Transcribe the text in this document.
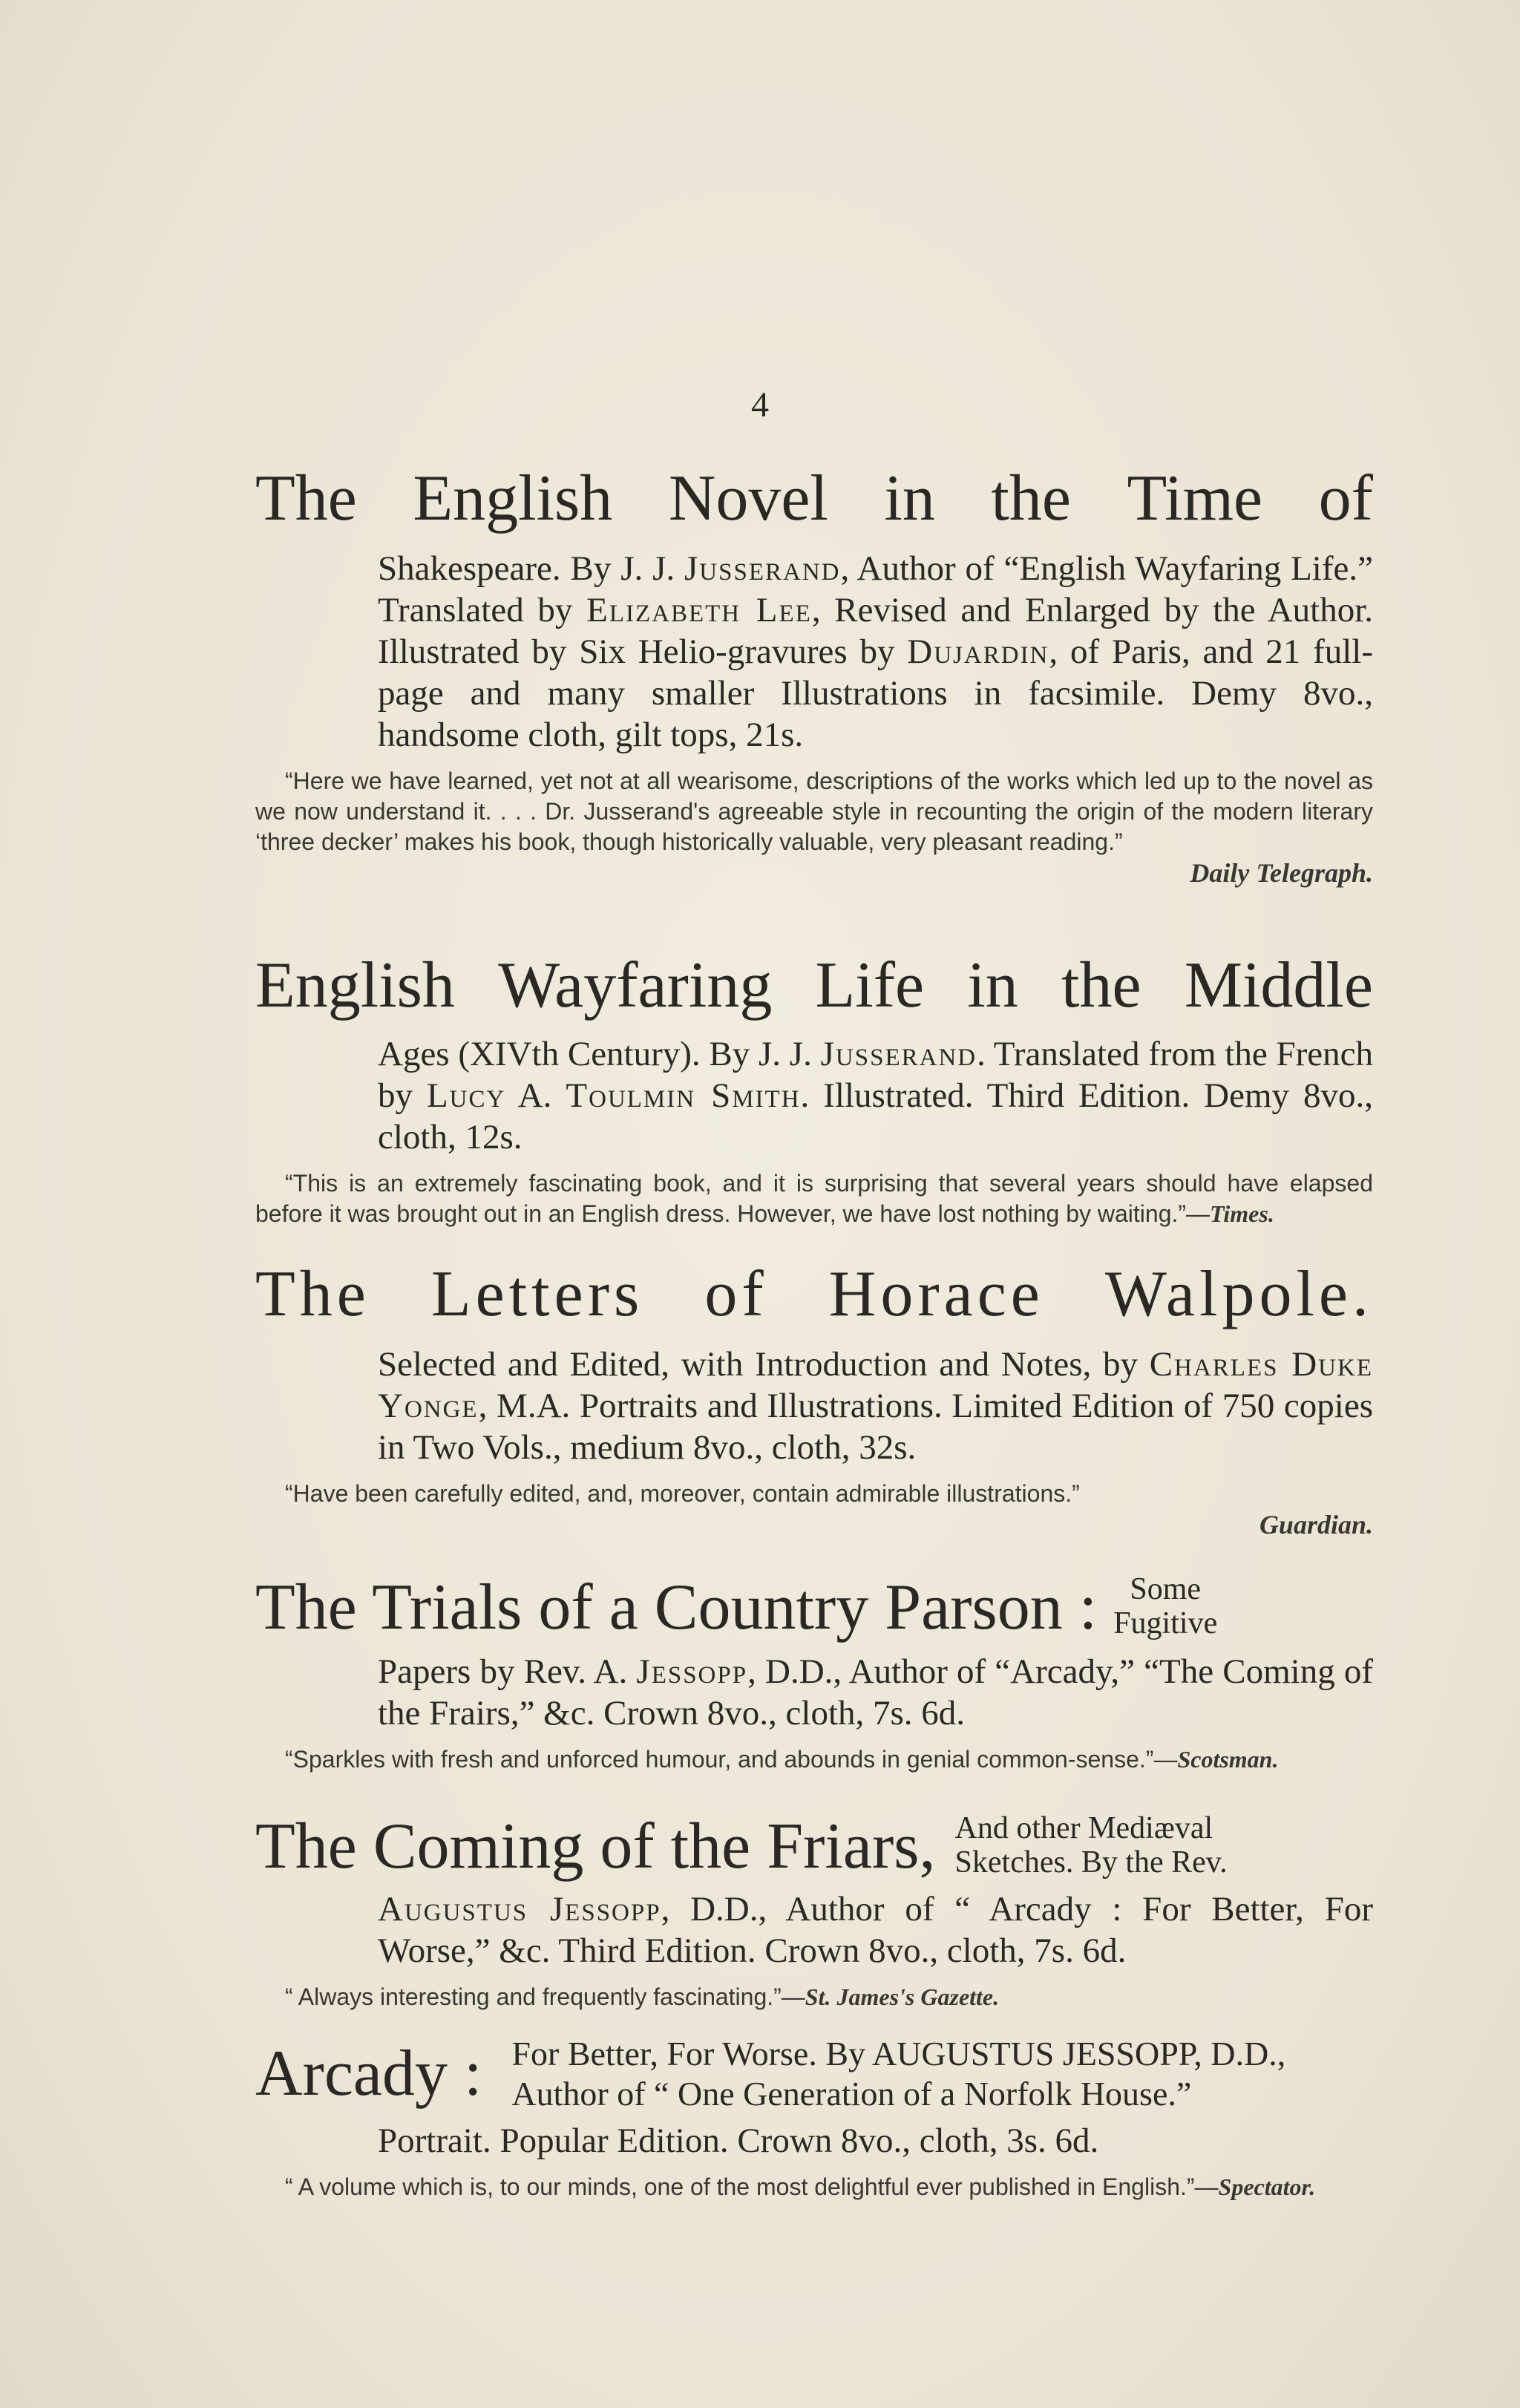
4
The English Novel in the Time of
Shakespeare. By J. J. Jusserand, Author of “English Wayfaring Life.” Translated by Elizabeth Lee, Revised and Enlarged by the Author. Illustrated by Six Helio-gravures by Dujardin, of Paris, and 21 full-page and many smaller Illustrations in facsimile. Demy 8vo., handsome cloth, gilt tops, 21s.
“Here we have learned, yet not at all wearisome, descriptions of the works which led up to the novel as we now understand it. . . . Dr. Jusserand's agreeable style in recounting the origin of the modern literary ‘three decker’ makes his book, though historically valuable, very pleasant reading.”
Daily Telegraph.
English Wayfaring Life in the Middle
Ages (XIVth Century). By J. J. Jusserand. Translated from the French by Lucy A. Toulmin Smith. Illustrated. Third Edition. Demy 8vo., cloth, 12s.
“This is an extremely fascinating book, and it is surprising that several years should have elapsed before it was brought out in an English dress. However, we have lost nothing by waiting.”—Times.
The Letters of Horace Walpole.
Selected and Edited, with Introduction and Notes, by Charles Duke Yonge, M.A. Portraits and Illustrations. Limited Edition of 750 copies in Two Vols., medium 8vo., cloth, 32s.
“Have been carefully edited, and, moreover, contain admirable illustrations.”
Guardian.
The Trials of a Country Parson :	Some
Fugitive
Papers by Rev. A. Jessopp, D.D., Author of “Arcady,” “The Coming of the Frairs,” &c. Crown 8vo., cloth, 7s. 6d.
“Sparkles with fresh and unforced humour, and abounds in genial common-sense.”—Scotsman.
The Coming of the Friars, And other Mediæval
Sketches. By the Rev.
Augustus Jessopp, D.D., Author of “ Arcady : For Better, For Worse,” &c. Third Edition. Crown 8vo., cloth, 7s. 6d.
“ Always interesting and frequently fascinating.”—St. James's Gazette.
Arcady : For Better, For Worse. By AUGUSTUS JESSOPP, D.D.,
Author of “ One Generation of a Norfolk House.”
Portrait. Popular Edition. Crown 8vo., cloth, 3s. 6d.
“ A volume which is, to our minds, one of the most delightful ever published in English.”—Spectator.
